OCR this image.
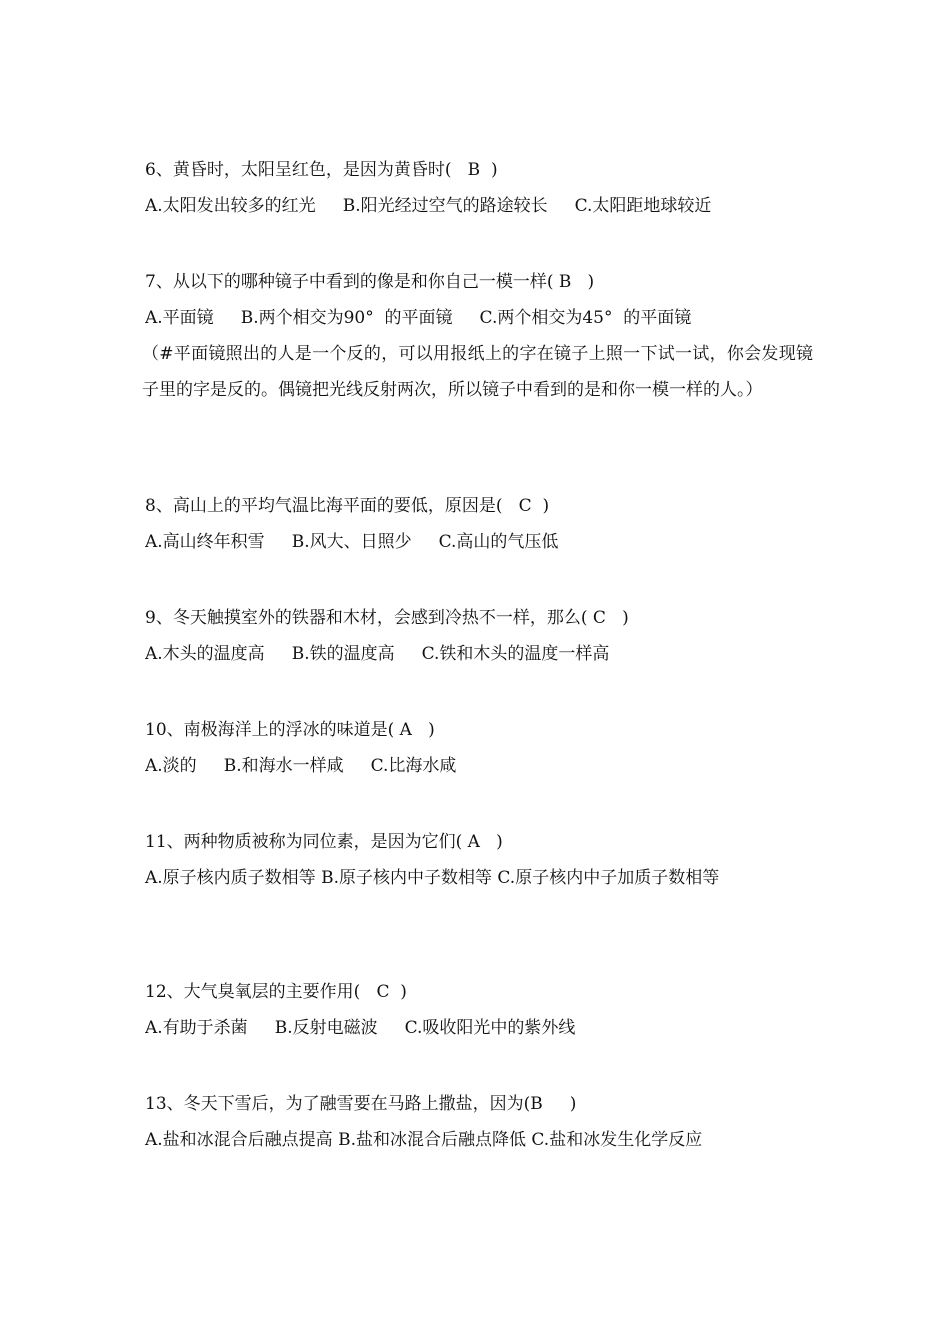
6、黄昏时，太阳呈红色，是因为黄昏时(   B  )
A.太阳发出较多的红光     B.阳光经过空气的路途较长     C.太阳距地球较近
7、从以下的哪种镜子中看到的像是和你自己一模一样( B   )
A.平面镜     B.两个相交为90°  的平面镜     C.两个相交为45°  的平面镜
（#平面镜照出的人是一个反的，可以用报纸上的字在镜子上照一下试一试，你会发现镜子里的字是反的。偶镜把光线反射两次，所以镜子中看到的是和你一模一样的人。）
8、高山上的平均气温比海平面的要低，原因是(   C  )
A.高山终年积雪     B.风大、日照少     C.高山的气压低
9、冬天触摸室外的铁器和木材，会感到冷热不一样，那么( C   )
A.木头的温度高     B.铁的温度高     C.铁和木头的温度一样高
10、南极海洋上的浮冰的味道是( A   )
A.淡的     B.和海水一样咸     C.比海水咸
11、两种物质被称为同位素，是因为它们( A   )
A.原子核内质子数相等 B.原子核内中子数相等 C.原子核内中子加质子数相等
12、大气臭氧层的主要作用(   C  )
A.有助于杀菌     B.反射电磁波     C.吸收阳光中的紫外线
13、冬天下雪后，为了融雪要在马路上撒盐，因为(B     )
A.盐和冰混合后融点提高 B.盐和冰混合后融点降低 C.盐和冰发生化学反应
